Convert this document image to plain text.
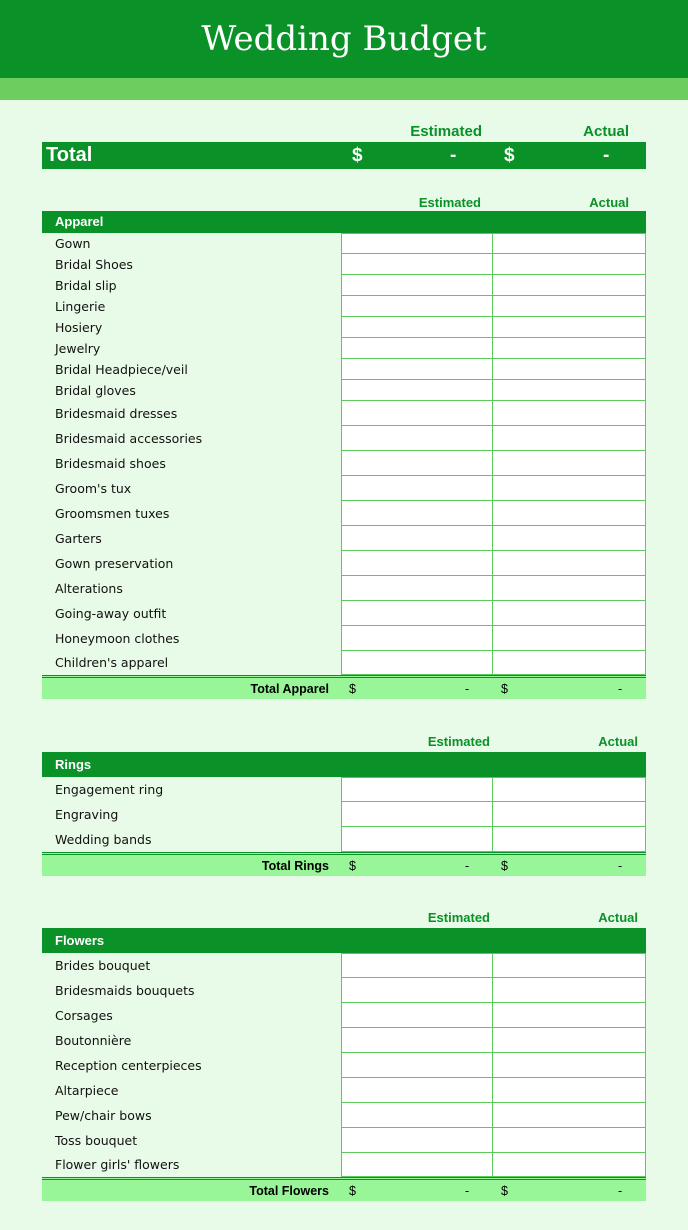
Wedding Budget
Estimated	Actual
Total	$	-	$	-
Estimated	Actual
Apparel
Gown
Bridal Shoes
Bridal slip
Lingerie
Hosiery
Jewelry
Bridal Headpiece/veil
Bridal gloves
Bridesmaid dresses
Bridesmaid accessories
Bridesmaid shoes
Groom's tux
Groomsmen tuxes
Garters
Gown preservation
Alterations
Going-away outfit
Honeymoon clothes
Children's apparel
Total Apparel $	-	$	-
Estimated	Actual
Rings
Engagement ring
Engraving
Wedding bands
Total Rings $	-	$	-
Estimated	Actual
Flowers
Brides bouquet
Bridesmaids bouquets
Corsages
Boutonnière
Reception centerpieces
Altarpiece
Pew/chair bows
Toss bouquet
Flower girls' flowers
Total Flowers $	-	$	-
